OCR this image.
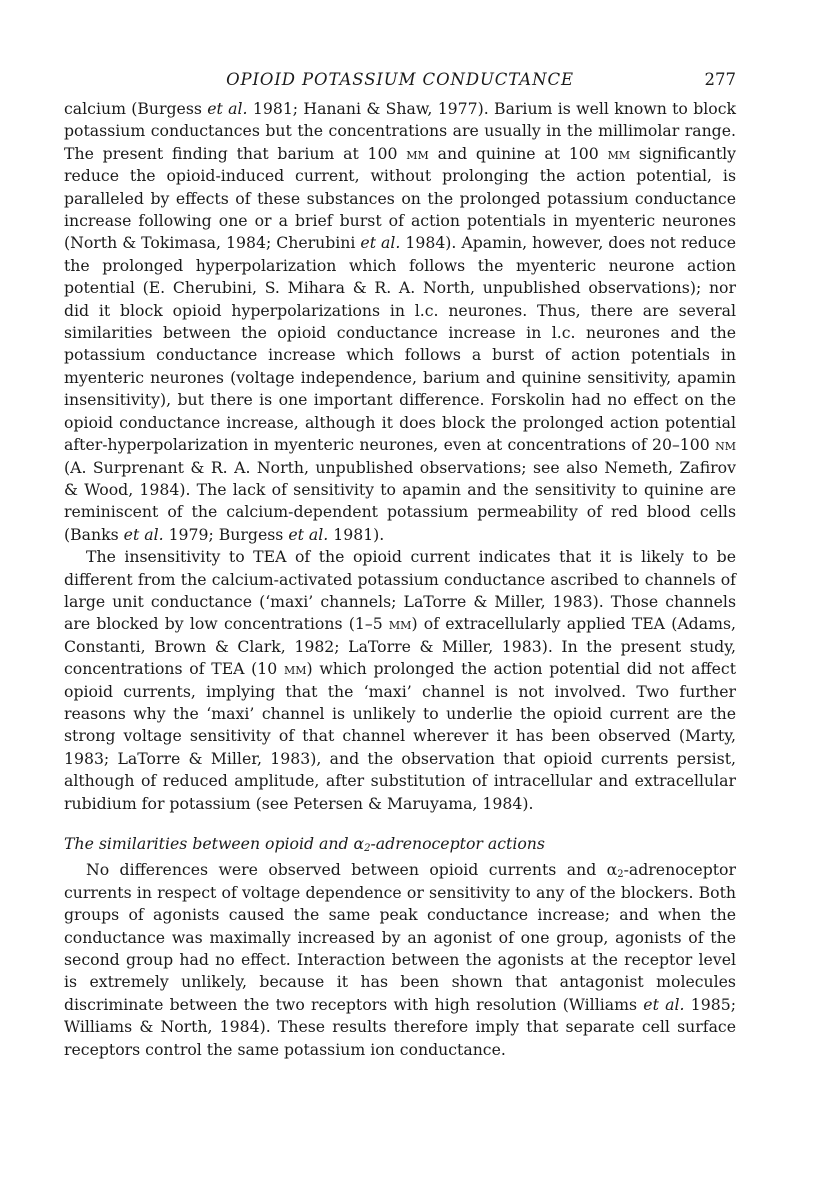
OPIOID POTASSIUM CONDUCTANCE	277

calcium (Burgess et al. 1981; Hanani & Shaw, 1977). Barium is well known to block potassium conductances but the concentrations are usually in the millimolar range. The present finding that barium at 100 μm and quinine at 100 μm significantly reduce the opioid-induced current, without prolonging the action potential, is paralleled by effects of these substances on the prolonged potassium conductance increase following one or a brief burst of action potentials in myenteric neurones (North & Tokimasa, 1984; Cherubini et al. 1984). Apamin, however, does not reduce the prolonged hyperpolarization which follows the myenteric neurone action potential (E. Cherubini, S. Mihara & R. A. North, unpublished observations); nor did it block opioid hyperpolarizations in l.c. neurones. Thus, there are several similarities between the opioid conductance increase in l.c. neurones and the potassium conductance increase which follows a burst of action potentials in myenteric neurones (voltage independence, barium and quinine sensitivity, apamin insensitivity), but there is one important difference. Forskolin had no effect on the opioid conductance increase, although it does block the prolonged action potential after-hyperpolarization in myenteric neurones, even at concentrations of 20–100 nm (A. Surprenant & R. A. North, unpublished observations; see also Nemeth, Zafirov & Wood, 1984). The lack of sensitivity to apamin and the sensitivity to quinine are reminiscent of the calcium-dependent potassium permeability of red blood cells (Banks et al. 1979; Burgess et al. 1981).

The insensitivity to TEA of the opioid current indicates that it is likely to be different from the calcium-activated potassium conductance ascribed to channels of large unit conductance (‘maxi’ channels; LaTorre & Miller, 1983). Those channels are blocked by low concentrations (1–5 mm) of extracellularly applied TEA (Adams, Constanti, Brown & Clark, 1982; LaTorre & Miller, 1983). In the present study, concentrations of TEA (10 mm) which prolonged the action potential did not affect opioid currents, implying that the ‘maxi’ channel is not involved. Two further reasons why the ‘maxi’ channel is unlikely to underlie the opioid current are the strong voltage sensitivity of that channel wherever it has been observed (Marty, 1983; LaTorre & Miller, 1983), and the observation that opioid currents persist, although of reduced amplitude, after substitution of intracellular and extracellular rubidium for potassium (see Petersen & Maruyama, 1984).

The similarities between opioid and $\alpha_2$-adrenoceptor actions

No differences were observed between opioid currents and $\alpha_2$-adrenoceptor currents in respect of voltage dependence or sensitivity to any of the blockers. Both groups of agonists caused the same peak conductance increase; and when the conductance was maximally increased by an agonist of one group, agonists of the second group had no effect. Interaction between the agonists at the receptor level is extremely unlikely, because it has been shown that antagonist molecules discriminate between the two receptors with high resolution (Williams et al. 1985; Williams & North, 1984). These results therefore imply that separate cell surface receptors control the same potassium ion conductance.
